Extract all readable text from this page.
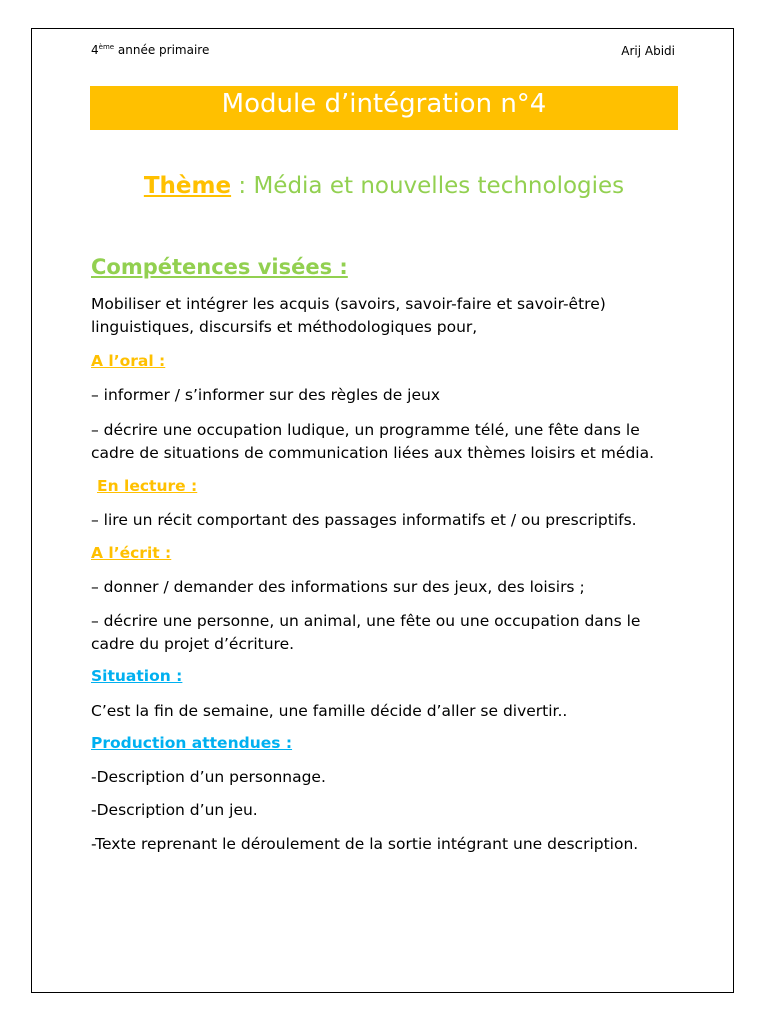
4ème année primaire	Arij Abidi
Module d’intégration n°4
Thème : Média et nouvelles technologies
Compétences visées :
Mobiliser et intégrer les acquis (savoirs, savoir-faire et savoir-être)
linguistiques, discursifs et méthodologiques pour,
A l’oral :
– informer / s’informer sur des règles de jeux
– décrire une occupation ludique, un programme télé, une fête dans le
cadre de situations de communication liées aux thèmes loisirs et média.
En lecture :
– lire un récit comportant des passages informatifs et / ou prescriptifs.
A l’écrit :
– donner / demander des informations sur des jeux, des loisirs ;
– décrire une personne, un animal, une fête ou une occupation dans le
cadre du projet d’écriture.
Situation :
C’est la fin de semaine, une famille décide d’aller se divertir..
Production attendues :
-Description d’un personnage.
-Description d’un jeu.
-Texte reprenant le déroulement de la sortie intégrant une description.
